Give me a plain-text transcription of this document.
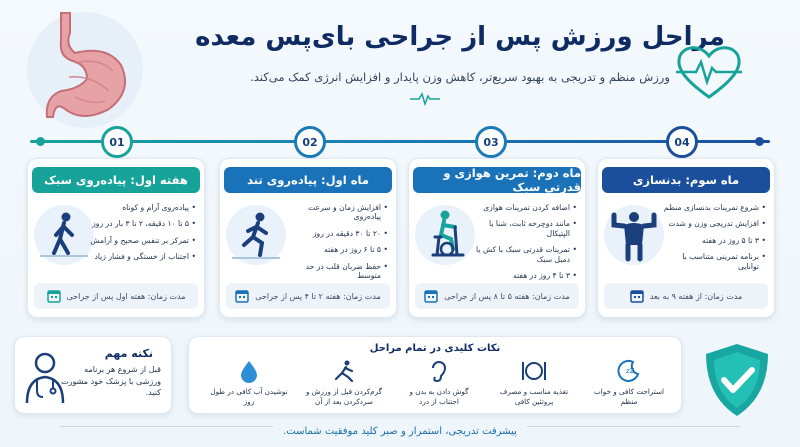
مراحل ورزش پس از جراحی بای‌پس معده
ورزش منظم و تدریجی به بهبود سریع‌تر، کاهش وزن پایدار و افزایش انرژی کمک می‌کند.
01	02	03	04
هفته اول: پیاده‌روی سبک
• پیاده‌روی آرام و کوتاه
• ۵ تا ۱۰ دقیقه، ۲ تا ۳ بار در روز
• تمرکز بر تنفس صحیح و آرامش
• اجتناب از خستگی و فشار زیاد
مدت زمان: هفته اول پس از جراحی
ماه اول: پیاده‌روی تند
• افزایش زمان و سرعت پیاده‌روی
• ۲۰ تا ۳۰ دقیقه در روز
• ۵ تا ۶ روز در هفته
• حفظ ضربان قلب در حد متوسط
مدت زمان: هفته ۲ تا ۴ پس از جراحی
ماه دوم: تمرین هوازی و قدرتی سبک
• اضافه کردن تمرینات هوازی
• مانند دوچرخه ثابت، شنا یا الپتیکال
• تمرینات قدرتی سبک با کش یا دمبل سبک
• ۳ تا ۴ روز در هفته
مدت زمان: هفته ۵ تا ۸ پس از جراحی
ماه سوم: بدنسازی
• شروع تمرینات بدنسازی منظم
• افزایش تدریجی وزن و شدت
• ۳ تا ۵ روز در هفته
• برنامه تمرینی متناسب با توانایی
مدت زمان: از هفته ۹ به بعد
نکته مهم
قبل از شروع هر برنامه ورزشی با پزشک خود مشورت کنید.
نکات کلیدی در تمام مراحل
zZ
استراحت کافی و خواب منظم
تغذیه مناسب و مصرف پروتئین کافی
گوش دادن به بدن و اجتناب از درد
گرم‌کردن قبل از ورزش و سردکردن بعد از آن
نوشیدن آب کافی در طول روز
پیشرفت تدریجی، استمرار و صبر کلید موفقیت شماست.
